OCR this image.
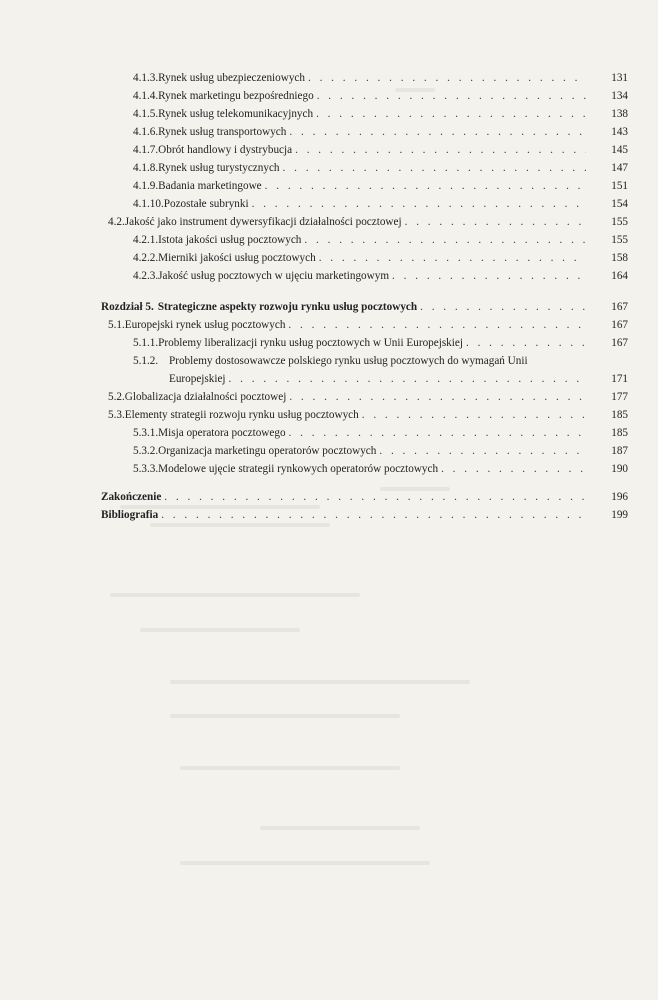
4.1.3. Rynek usług ubezpieczeniowych . . .	131
4.1.4. Rynek marketingu bezpośredniego . . .	134
4.1.5. Rynek usług telekomunikacyjnych . . .	138
4.1.6. Rynek usług transportowych . . .	143
4.1.7. Obrót handlowy i dystrybucja . . .	145
4.1.8. Rynek usług turystycznych . . .	147
4.1.9. Badania marketingowe . . .	151
4.1.10. Pozostałe subrynki . . .	154
4.2. Jakość jako instrument dywersyfikacji działalności pocztowej . . .	155
4.2.1. Istota jakości usług pocztowych . . .	155
4.2.2. Mierniki jakości usług pocztowych . . .	158
4.2.3. Jakość usług pocztowych w ujęciu marketingowym . . .	164
Rozdział 5. Strategiczne aspekty rozwoju rynku usług pocztowych . . .	167
5.1. Europejski rynek usług pocztowych . . .	167
5.1.1. Problemy liberalizacji rynku usług pocztowych w Unii Europejskiej . . .	167
5.1.2. Problemy dostosowawcze polskiego rynku usług pocztowych do wymagań Unii
Europejskiej . . .	171
5.2. Globalizacja działalności pocztowej . . .	177
5.3. Elementy strategii rozwoju rynku usług pocztowych . . .	185
5.3.1. Misja operatora pocztowego . . .	185
5.3.2. Organizacja marketingu operatorów pocztowych . . .	187
5.3.3. Modelowe ujęcie strategii rynkowych operatorów pocztowych . . .	190
Zakończenie . . .	196
Bibliografia . . .	199
